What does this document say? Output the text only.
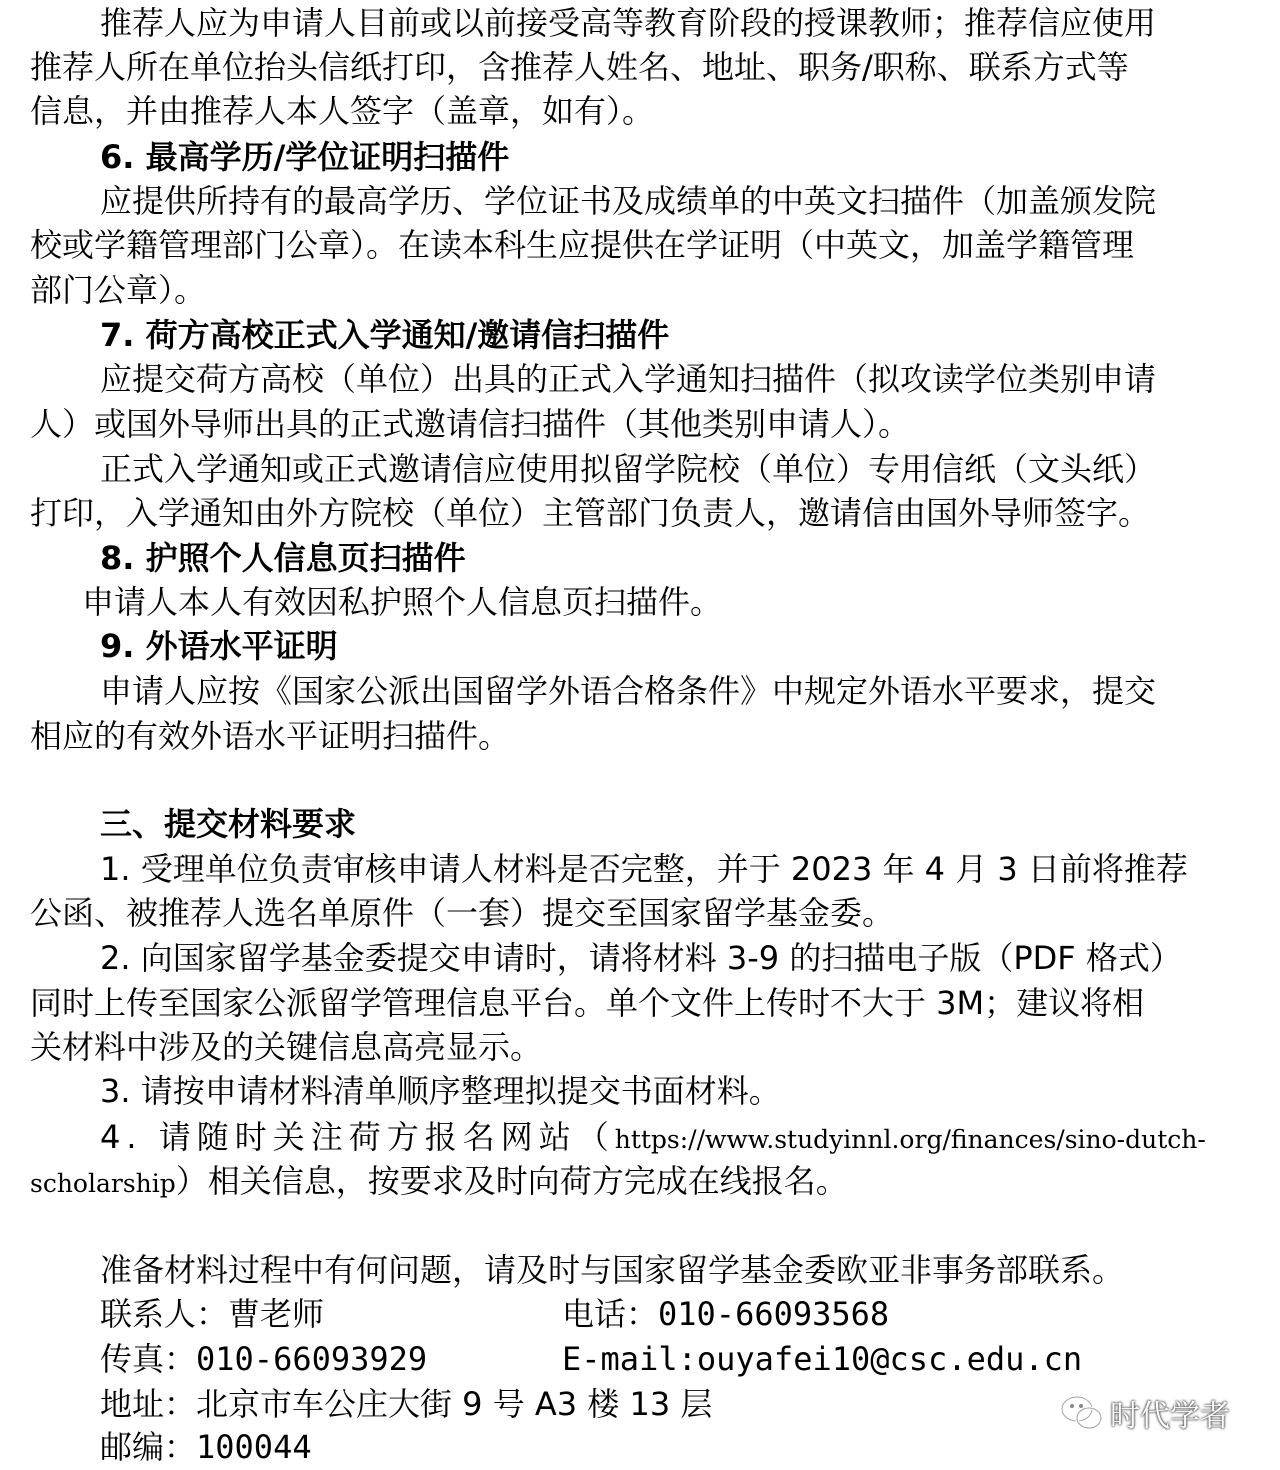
推荐人应为申请人目前或以前接受高等教育阶段的授课教师；推荐信应使用
推荐人所在单位抬头信纸打印，含推荐人姓名、地址、职务/职称、联系方式等
信息，并由推荐人本人签字（盖章，如有）。
6. 最高学历/学位证明扫描件
应提供所持有的最高学历、学位证书及成绩单的中英文扫描件（加盖颁发院
校或学籍管理部门公章）。在读本科生应提供在学证明（中英文，加盖学籍管理
部门公章）。
7. 荷方高校正式入学通知/邀请信扫描件
应提交荷方高校（单位）出具的正式入学通知扫描件（拟攻读学位类别申请
人）或国外导师出具的正式邀请信扫描件（其他类别申请人）。
正式入学通知或正式邀请信应使用拟留学院校（单位）专用信纸（文头纸）
打印，入学通知由外方院校（单位）主管部门负责人，邀请信由国外导师签字。
8. 护照个人信息页扫描件
申请人本人有效因私护照个人信息页扫描件。
9. 外语水平证明
申请人应按《国家公派出国留学外语合格条件》中规定外语水平要求，提交
相应的有效外语水平证明扫描件。
三、提交材料要求
1. 受理单位负责审核申请人材料是否完整，并于 2023 年 4 月 3 日前将推荐
公函、被推荐人选名单原件（一套）提交至国家留学基金委。
2. 向国家留学基金委提交申请时，请将材料 3-9 的扫描电子版（PDF 格式）
同时上传至国家公派留学管理信息平台。单个文件上传时不大于 3M；建议将相
关材料中涉及的关键信息高亮显示。
3. 请按申请材料清单顺序整理拟提交书面材料。
4. 请随时关注荷方报名网站（https://www.studyinnl.org/finances/sino-dutch-
scholarship）相关信息，按要求及时向荷方完成在线报名。
准备材料过程中有何问题，请及时与国家留学基金委欧亚非事务部联系。
联系人：曹老师	电话：010-66093568
传真：010-66093929	E-mail:ouyafei10@csc.edu.cn
地址：北京市车公庄大街 9 号 A3 楼 13 层
邮编：100044
时代学者
